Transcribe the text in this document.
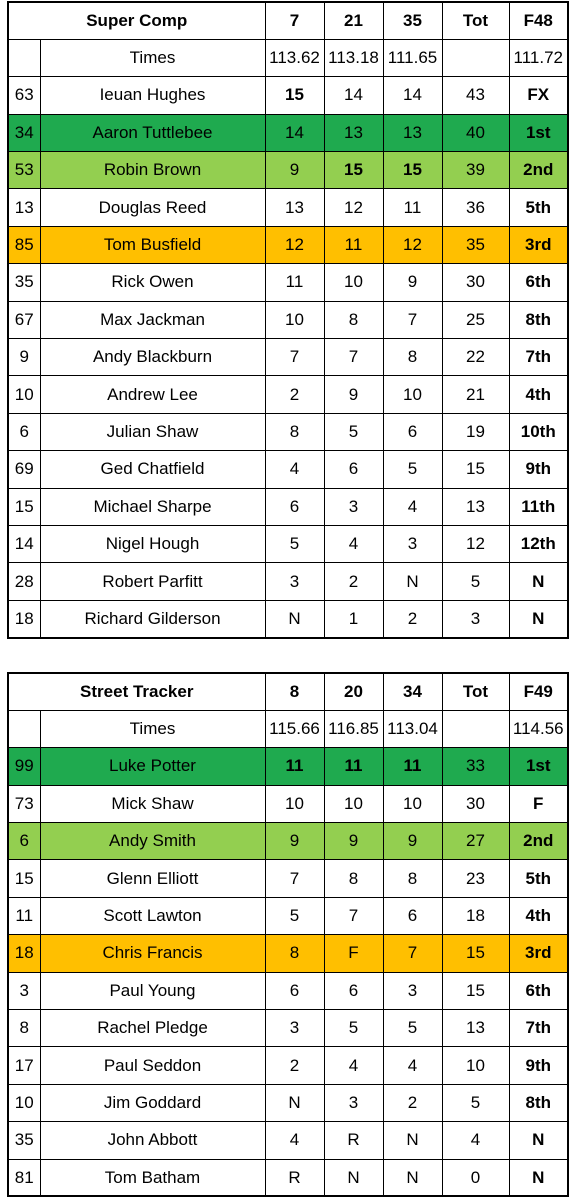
Super Comp		7	21	35	Tot	F48
	Times	113.62	113.18	111.65		111.72
63	Ieuan Hughes	15	14	14	43	FX
34	Aaron Tuttlebee	14	13	13	40	1st
53	Robin Brown	9	15	15	39	2nd
13	Douglas Reed	13	12	11	36	5th
85	Tom Busfield	12	11	12	35	3rd
35	Rick Owen	11	10	9	30	6th
67	Max Jackman	10	8	7	25	8th
9	Andy Blackburn	7	7	8	22	7th
10	Andrew Lee	2	9	10	21	4th
6	Julian Shaw	8	5	6	19	10th
69	Ged Chatfield	4	6	5	15	9th
15	Michael Sharpe	6	3	4	13	11th
14	Nigel Hough	5	4	3	12	12th
28	Robert Parfitt	3	2	N	5	N
18	Richard Gilderson	N	1	2	3	N
Street Tracker		8	20	34	Tot	F49
	Times	115.66	116.85	113.04		114.56
99	Luke Potter	11	11	11	33	1st
73	Mick Shaw	10	10	10	30	F
6	Andy Smith	9	9	9	27	2nd
15	Glenn Elliott	7	8	8	23	5th
11	Scott Lawton	5	7	6	18	4th
18	Chris Francis	8	F	7	15	3rd
3	Paul Young	6	6	3	15	6th
8	Rachel Pledge	3	5	5	13	7th
17	Paul Seddon	2	4	4	10	9th
10	Jim Goddard	N	3	2	5	8th
35	John Abbott	4	R	N	4	N
81	Tom Batham	R	N	N	0	N
